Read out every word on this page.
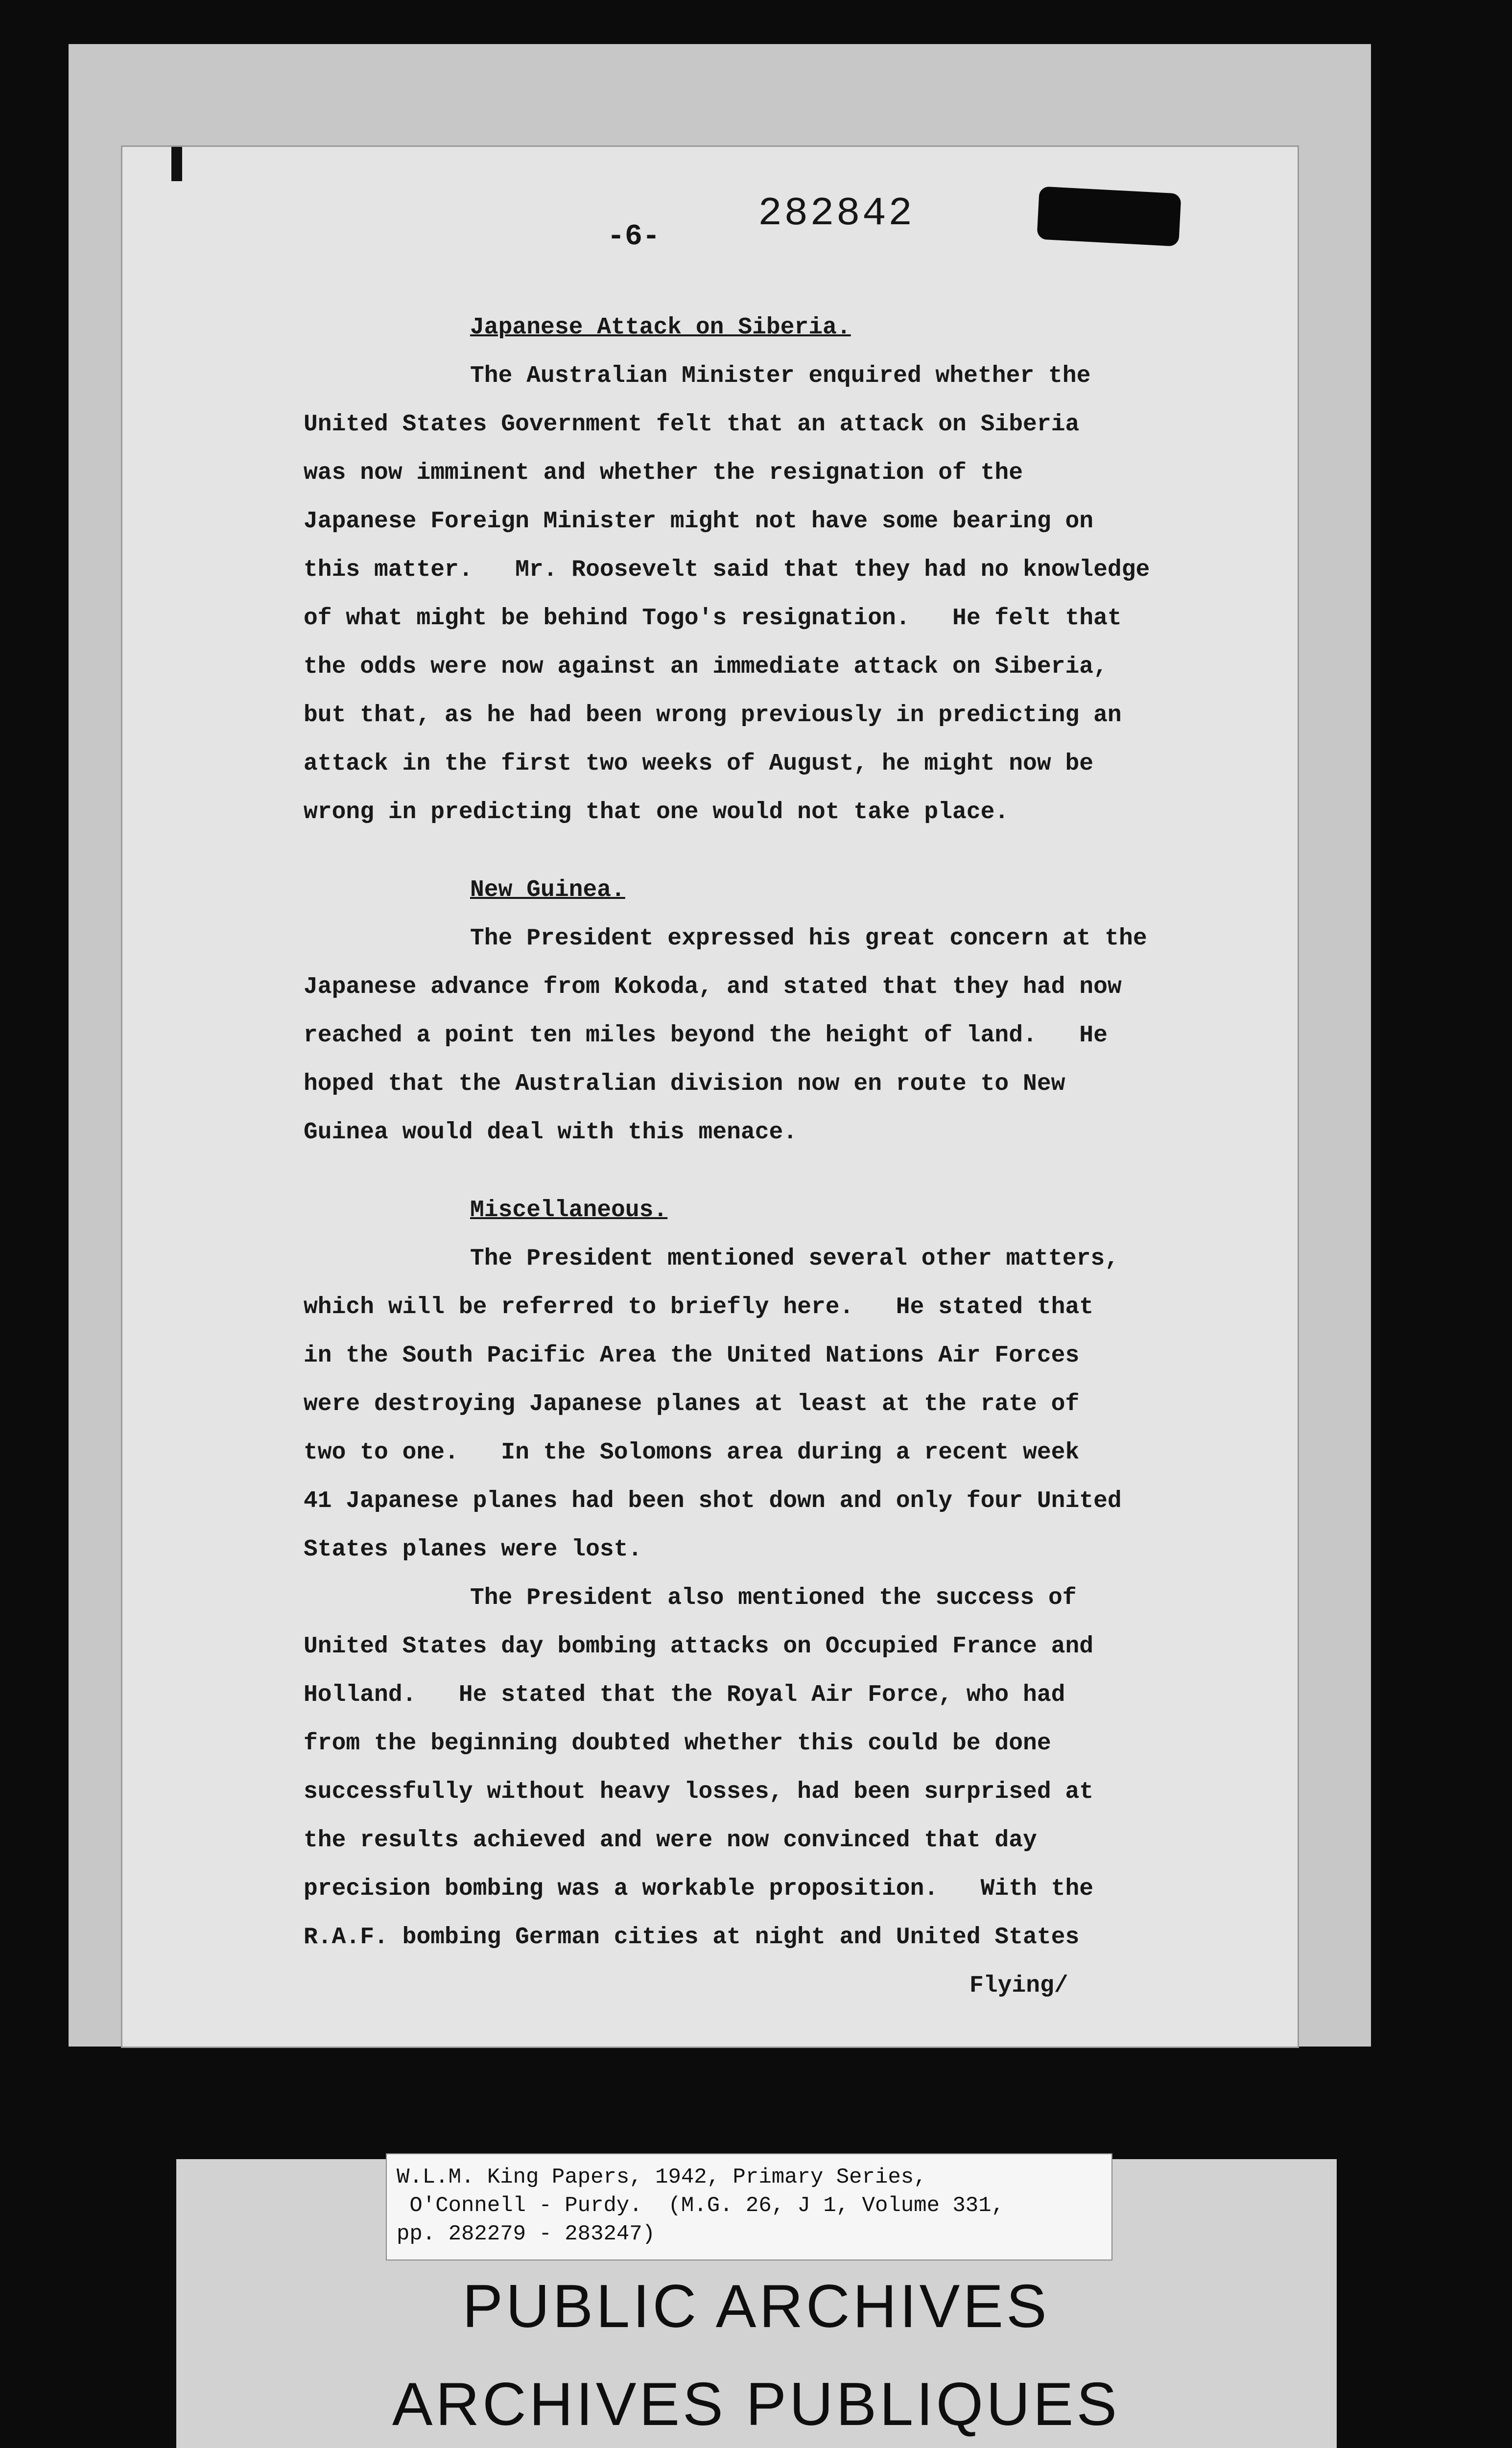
-6-
282842
Japanese Attack on Siberia.
The Australian Minister enquired whether the
United States Government felt that an attack on Siberia
was now imminent and whether the resignation of the
Japanese Foreign Minister might not have some bearing on
this matter.   Mr. Roosevelt said that they had no knowledge
of what might be behind Togo's resignation.   He felt that
the odds were now against an immediate attack on Siberia,
but that, as he had been wrong previously in predicting an
attack in the first two weeks of August, he might now be
wrong in predicting that one would not take place.
New Guinea.
The President expressed his great concern at the
Japanese advance from Kokoda, and stated that they had now
reached a point ten miles beyond the height of land.   He
hoped that the Australian division now en route to New
Guinea would deal with this menace.
Miscellaneous.
The President mentioned several other matters,
which will be referred to briefly here.   He stated that
in the South Pacific Area the United Nations Air Forces
were destroying Japanese planes at least at the rate of
two to one.   In the Solomons area during a recent week
41 Japanese planes had been shot down and only four United
States planes were lost.
The President also mentioned the success of
United States day bombing attacks on Occupied France and
Holland.   He stated that the Royal Air Force, who had
from the beginning doubted whether this could be done
successfully without heavy losses, had been surprised at
the results achieved and were now convinced that day
precision bombing was a workable proposition.   With the
R.A.F. bombing German cities at night and United States
Flying/
W.L.M. King Papers, 1942, Primary Series,
O'Connell - Purdy.  (M.G. 26, J 1, Volume 331,
pp. 282279 - 283247)
PUBLIC ARCHIVES
ARCHIVES PUBLIQUES
